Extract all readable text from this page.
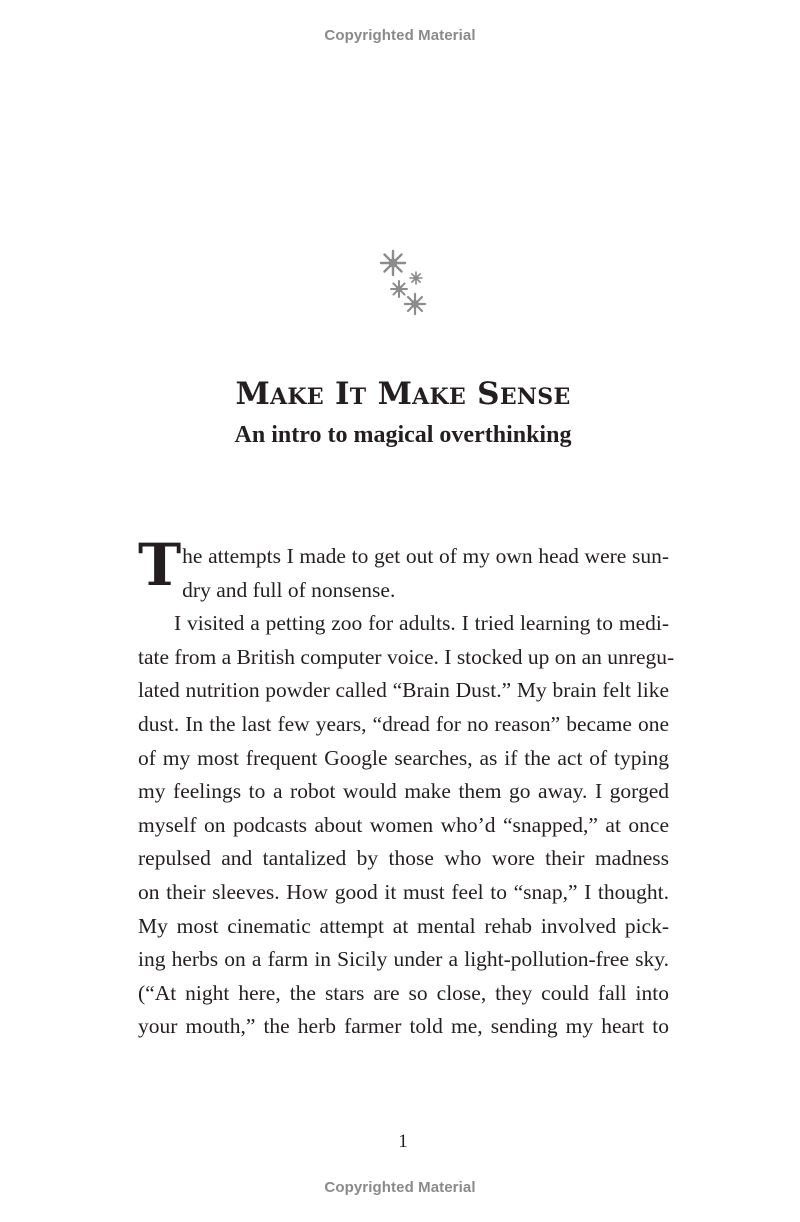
Copyrighted Material
Make It Make Sense
An intro to magical overthinking
T he attempts I made to get out of my own head were sun-
dry and full of nonsense.
I visited a petting zoo for adults. I tried learning to medi-
tate from a British computer voice. I stocked up on an unregu-
lated nutrition powder called “Brain Dust.” My brain felt like
dust. In the last few years, “dread for no reason” became one
of my most frequent Google searches, as if the act of typing
my feelings to a robot would make them go away. I gorged
myself on podcasts about women who’d “snapped,” at once
repulsed and tantalized by those who wore their madness
on their sleeves. How good it must feel to “snap,” I thought.
My most cinematic attempt at mental rehab involved pick-
ing herbs on a farm in Sicily under a light-pollution-free sky.
(“At night here, the stars are so close, they could fall into
your mouth,” the herb farmer told me, sending my heart to
1
Copyrighted Material
